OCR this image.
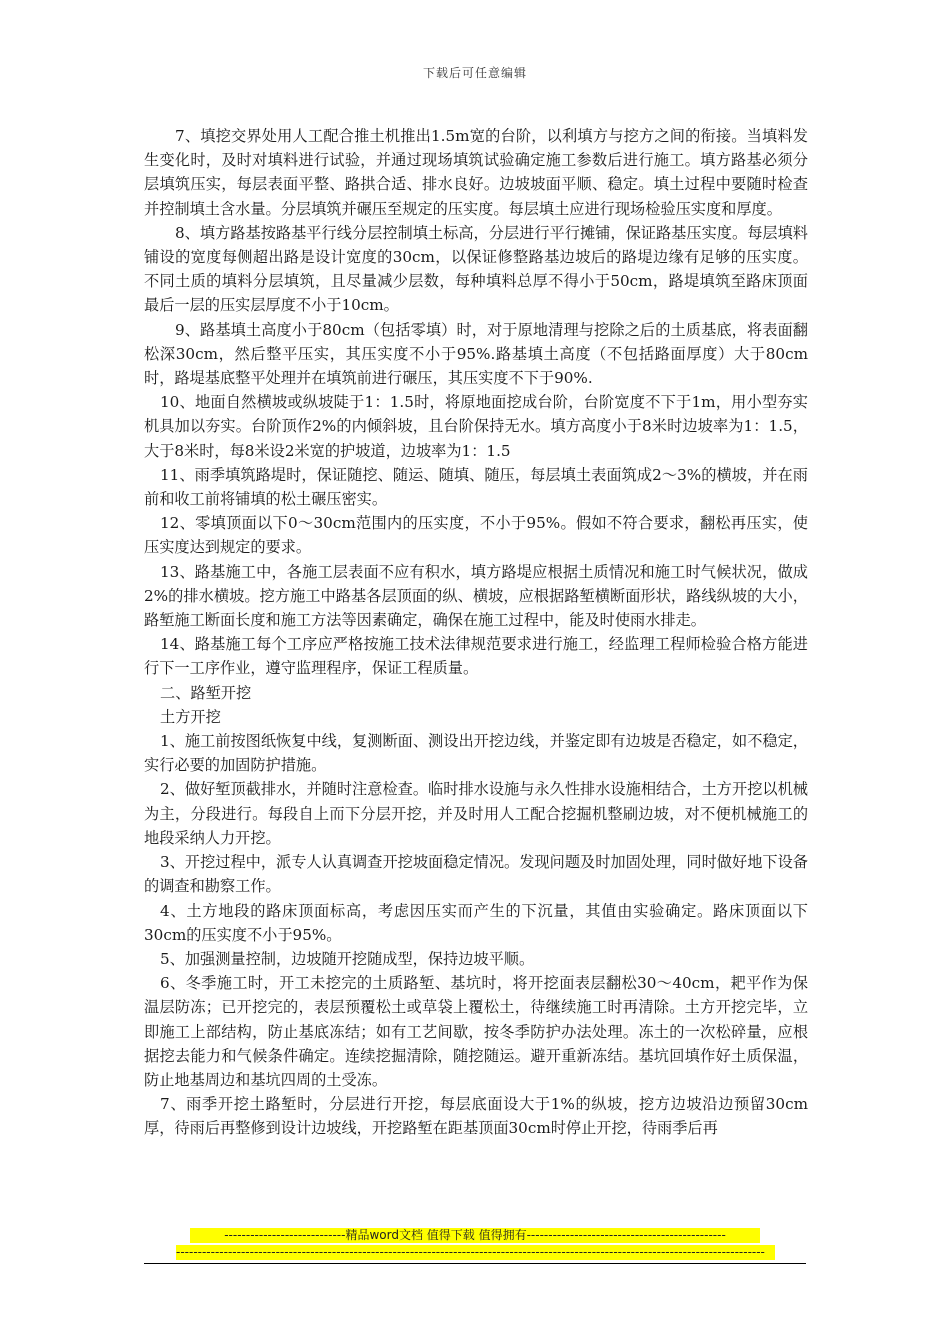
下载后可任意编辑

7、填挖交界处用人工配合推土机推出1.5m宽的台阶，以利填方与挖方之间的衔接。当填料发生变化时，及时对填料进行试验，并通过现场填筑试验确定施工参数后进行施工。填方路基必须分层填筑压实，每层表面平整、路拱合适、排水良好。边坡坡面平顺、稳定。填土过程中要随时检查并控制填土含水量。分层填筑并碾压至规定的压实度。每层填土应进行现场检验压实度和厚度。

8、填方路基按路基平行线分层控制填土标高，分层进行平行摊铺，保证路基压实度。每层填料铺设的宽度每侧超出路是设计宽度的30cm，以保证修整路基边坡后的路堤边缘有足够的压实度。不同土质的填料分层填筑，且尽量减少层数，每种填料总厚不得小于50cm，路堤填筑至路床顶面最后一层的压实层厚度不小于10cm。

9、路基填土高度小于80cm（包括零填）时，对于原地清理与挖除之后的土质基底，将表面翻松深30cm，然后整平压实，其压实度不小于95%.路基填土高度（不包括路面厚度）大于80cm时，路堤基底整平处理并在填筑前进行碾压，其压实度不下于90%.

10、地面自然横坡或纵坡陡于1：1.5时，将原地面挖成台阶，台阶宽度不下于1m，用小型夯实机具加以夯实。台阶顶作2%的内倾斜坡，且台阶保持无水。填方高度小于8米时边坡率为1：1.5，大于8米时，每8米设2米宽的护坡道，边坡率为1：1.5

11、雨季填筑路堤时，保证随挖、随运、随填、随压，每层填土表面筑成2～3%的横坡，并在雨前和收工前将铺填的松土碾压密实。

12、零填顶面以下0～30cm范围内的压实度，不小于95%。假如不符合要求，翻松再压实，使压实度达到规定的要求。

13、路基施工中，各施工层表面不应有积水，填方路堤应根据土质情况和施工时气候状况，做成2%的排水横坡。挖方施工中路基各层顶面的纵、横坡，应根据路堑横断面形状，路线纵坡的大小，路堑施工断面长度和施工方法等因素确定，确保在施工过程中，能及时使雨水排走。

14、路基施工每个工序应严格按施工技术法律规范要求进行施工，经监理工程师检验合格方能进行下一工序作业，遵守监理程序，保证工程质量。

二、路堑开挖

土方开挖

1、施工前按图纸恢复中线，复测断面、测设出开挖边线，并鉴定即有边坡是否稳定，如不稳定，实行必要的加固防护措施。

2、做好堑顶截排水，并随时注意检查。临时排水设施与永久性排水设施相结合，土方开挖以机械为主，分段进行。每段自上而下分层开挖，并及时用人工配合挖掘机整刷边坡，对不便机械施工的地段采纳人力开挖。

3、开挖过程中，派专人认真调查开挖坡面稳定情况。发现问题及时加固处理，同时做好地下设备的调查和勘察工作。

4、土方地段的路床顶面标高，考虑因压实而产生的下沉量，其值由实验确定。路床顶面以下30cm的压实度不小于95%。

5、加强测量控制，边坡随开挖随成型，保持边坡平顺。

6、冬季施工时，开工未挖完的土质路堑、基坑时，将开挖面表层翻松30～40cm，耙平作为保温层防冻；已开挖完的，表层预覆松土或草袋上覆松土，待继续施工时再清除。土方开挖完毕，立即施工上部结构，防止基底冻结；如有工艺间歇，按冬季防护办法处理。冻土的一次松碎量，应根据挖去能力和气候条件确定。连续挖掘清除，随挖随运。避开重新冻结。基坑回填作好土质保温，防止地基周边和基坑四周的土受冻。

7、雨季开挖土路堑时，分层进行开挖，每层底面设大于1%的纵坡，挖方边坡沿边预留30cm厚，待雨后再整修到设计边坡线，开挖路堑在距基顶面30cm时停止开挖，待雨季后再

----------------------------精品word文档 值得下载 值得拥有----------------------------------------------
----------------------------------------------------------------------------------------------------------------------------------------
